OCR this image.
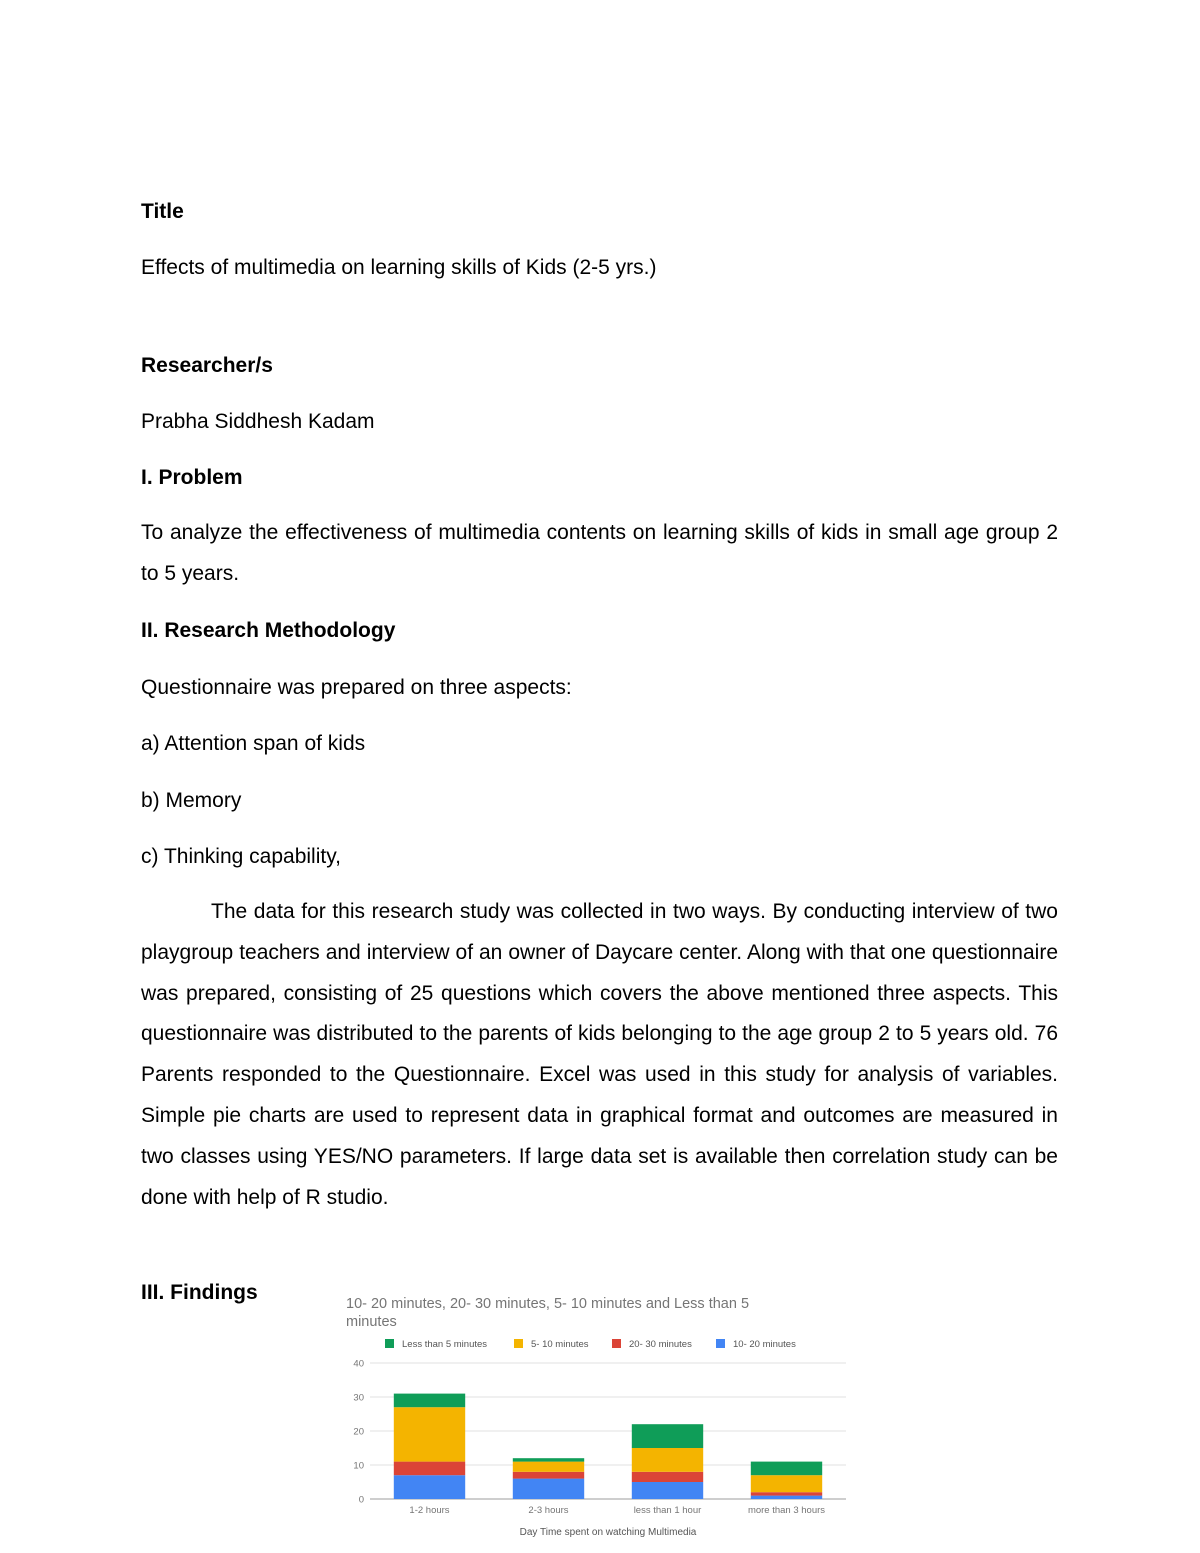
Title
Effects of multimedia on learning skills of Kids (2-5 yrs.)
Researcher/s
Prabha Siddhesh Kadam
I. Problem
To analyze the effectiveness of multimedia contents on learning skills of kids in small age group 2 to 5 years.
II. Research Methodology
Questionnaire was prepared on three aspects:
a) Attention span of kids
b) Memory
c) Thinking capability,
The data for this research study was collected in two ways. By conducting interview of two playgroup teachers and interview of an owner of Daycare center. Along with that one questionnaire was prepared, consisting of 25 questions which covers the above mentioned three aspects. This questionnaire was distributed to the parents of kids belonging to the age group 2 to 5 years old. 76 Parents responded to the Questionnaire. Excel was used in this study for analysis of variables. Simple pie charts are used to represent data in graphical format and outcomes are measured in two classes using YES/NO parameters. If large data set is available then correlation study can be done with help of R studio.
III. Findings	10- 20 minutes, 20- 30 minutes, 5- 10 minutes and Less than 5
minutes
Less than 5 minutes	5- 10 minutes	20- 30 minutes	10- 20 minutes
0
10
20
30
40
1-2 hours	2-3 hours	less than 1 hour	more than 3 hours
Day Time spent on watching Multimedia
